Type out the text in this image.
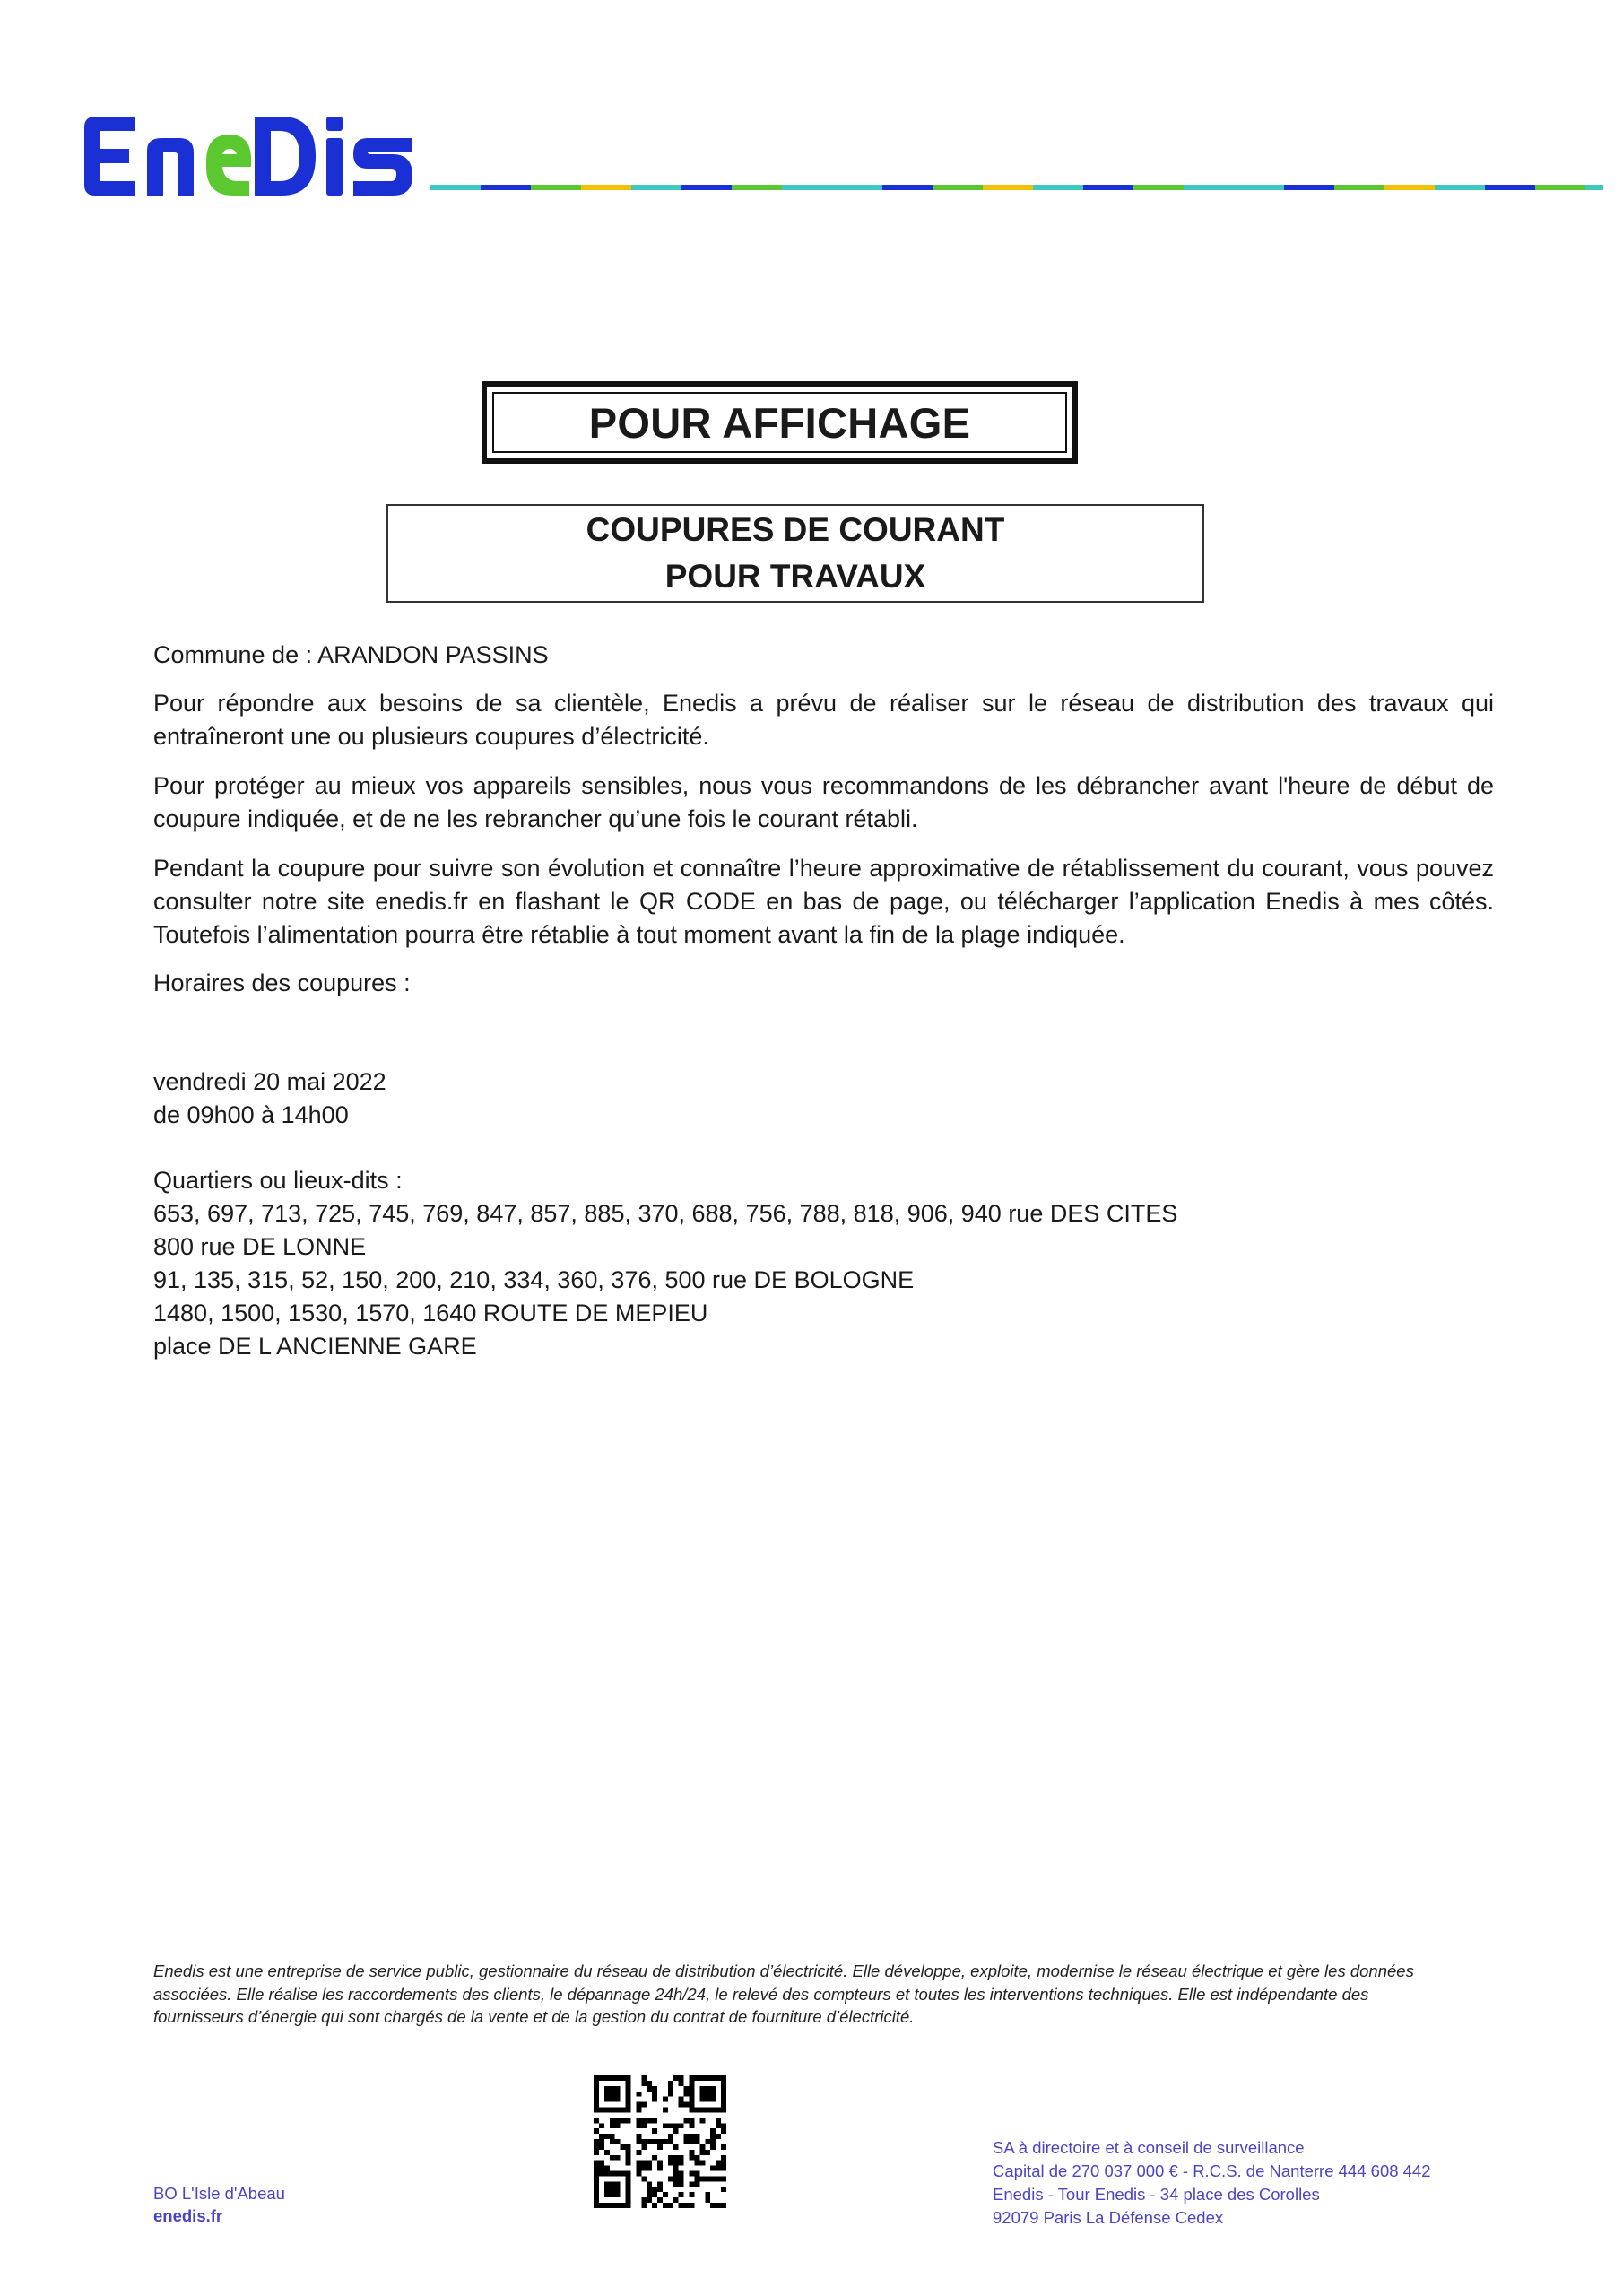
POUR AFFICHAGE
COUPURES DE COURANT
POUR TRAVAUX
Commune de : ARANDON PASSINS
Pour répondre aux besoins de sa clientèle, Enedis a prévu de réaliser sur le réseau de distribution des travaux qui entraîneront une ou plusieurs coupures d’électricité.
Pour protéger au mieux vos appareils sensibles, nous vous recommandons de les débrancher avant l'heure de début de coupure indiquée, et de ne les rebrancher qu’une fois le courant rétabli.
Pendant la coupure pour suivre son évolution et connaître l’heure approximative de rétablissement du courant, vous pouvez consulter notre site enedis.fr en flashant le QR CODE en bas de page, ou télécharger l’application Enedis à mes côtés. Toutefois l’alimentation pourra être rétablie à tout moment avant la fin de la plage indiquée.
Horaires des coupures :
vendredi 20 mai 2022
de 09h00 à 14h00
Quartiers ou lieux-dits :
653, 697, 713, 725, 745, 769, 847, 857, 885, 370, 688, 756, 788, 818, 906, 940 rue DES CITES
800 rue DE LONNE
91, 135, 315, 52, 150, 200, 210, 334, 360, 376, 500 rue DE BOLOGNE
1480, 1500, 1530, 1570, 1640 ROUTE DE MEPIEU
place DE L ANCIENNE GARE
Enedis est une entreprise de service public, gestionnaire du réseau de distribution d’électricité. Elle développe, exploite, modernise le réseau électrique et gère les données associées. Elle réalise les raccordements des clients, le dépannage 24h/24, le relevé des compteurs et toutes les interventions techniques. Elle est indépendante des fournisseurs d’énergie qui sont chargés de la vente et de la gestion du contrat de fourniture d’électricité.
BO L'Isle d'Abeau
enedis.fr
SA à directoire et à conseil de surveillance
Capital de 270 037 000 € - R.C.S. de Nanterre 444 608 442
Enedis - Tour Enedis - 34 place des Corolles
92079 Paris La Défense Cedex
